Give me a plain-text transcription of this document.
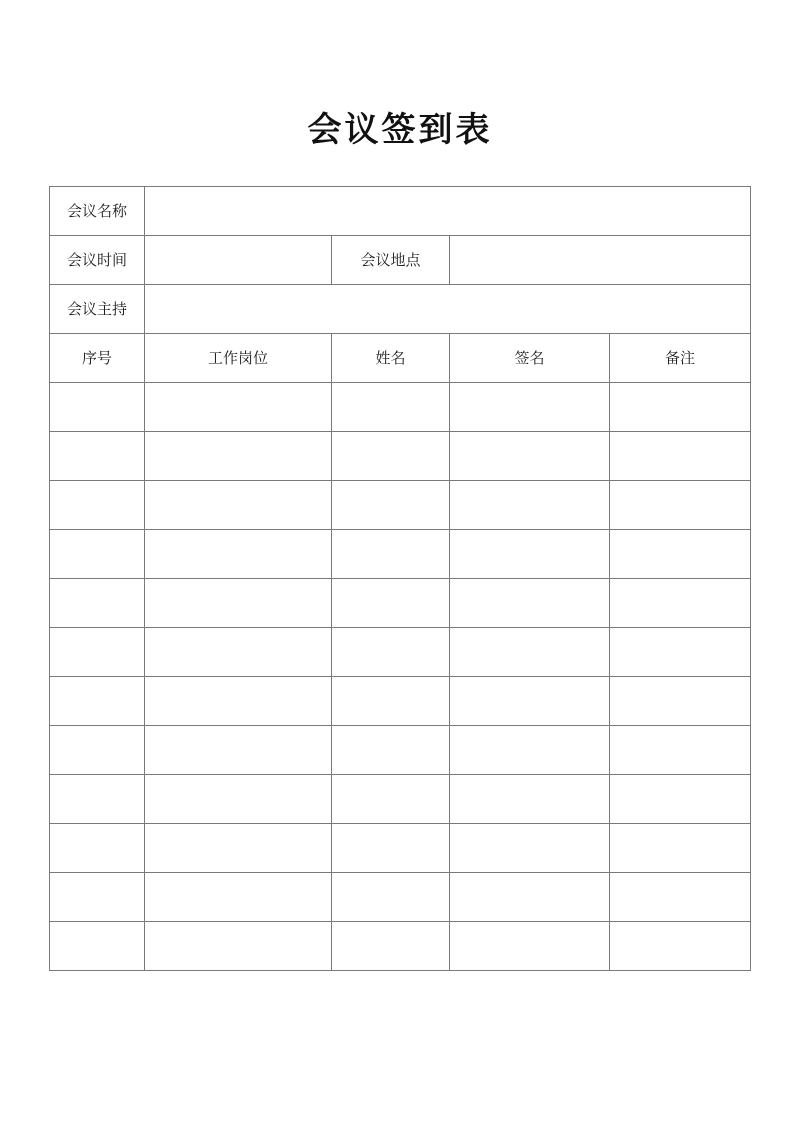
会议签到表
会议名称				
会议时间		会议地点		
会议主持				
序号	工作岗位	姓名	签名	备注
